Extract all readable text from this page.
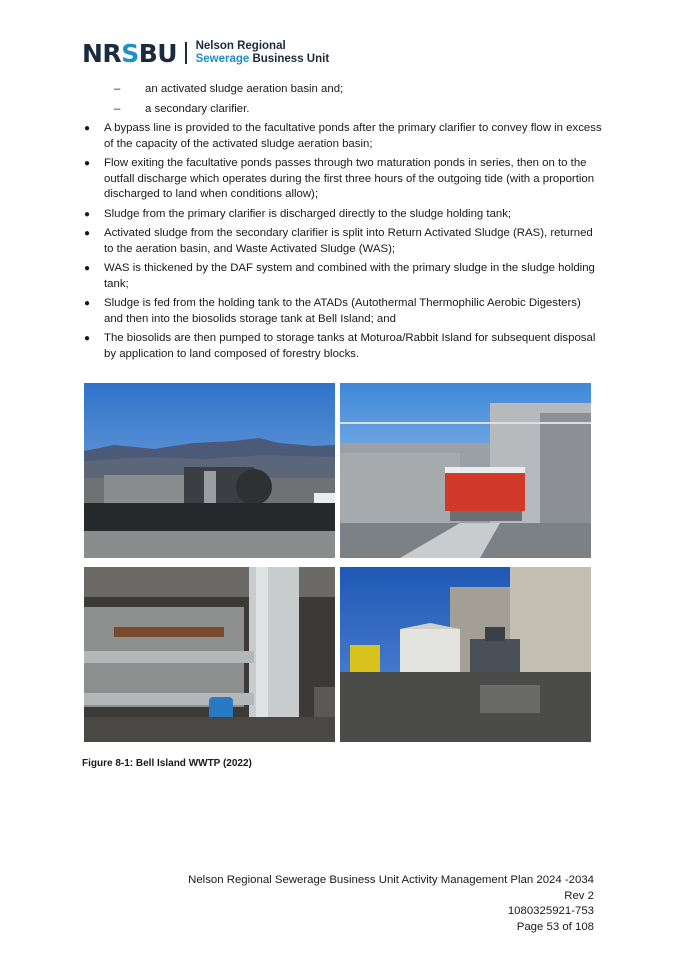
NRSBU Nelson Regional
Sewerage Business Unit
–	an activated sludge aeration basin and;
–	a secondary clarifier.
●	A bypass line is provided to the facultative ponds after the primary clarifier to convey flow in excess of the capacity of the activated sludge aeration basin;
●	Flow exiting the facultative ponds passes through two maturation ponds in series, then on to the outfall discharge which operates during the first three hours of the outgoing tide (with a proportion discharged to land when conditions allow);
●	Sludge from the primary clarifier is discharged directly to the sludge holding tank;
●	Activated sludge from the secondary clarifier is split into Return Activated Sludge (RAS), returned to the aeration basin, and Waste Activated Sludge (WAS);
●	WAS is thickened by the DAF system and combined with the primary sludge in the sludge holding tank;
●	Sludge is fed from the holding tank to the ATADs (Autothermal Thermophilic Aerobic Digesters) and then into the biosolids storage tank at Bell Island; and
●	The biosolids are then pumped to storage tanks at Moturoa/Rabbit Island for subsequent disposal by application to land composed of forestry blocks.
Figure 8-1: Bell Island WWTP (2022)
Nelson Regional Sewerage Business Unit Activity Management Plan 2024 -2034
Rev 2
1080325921-753
Page 53 of 108
